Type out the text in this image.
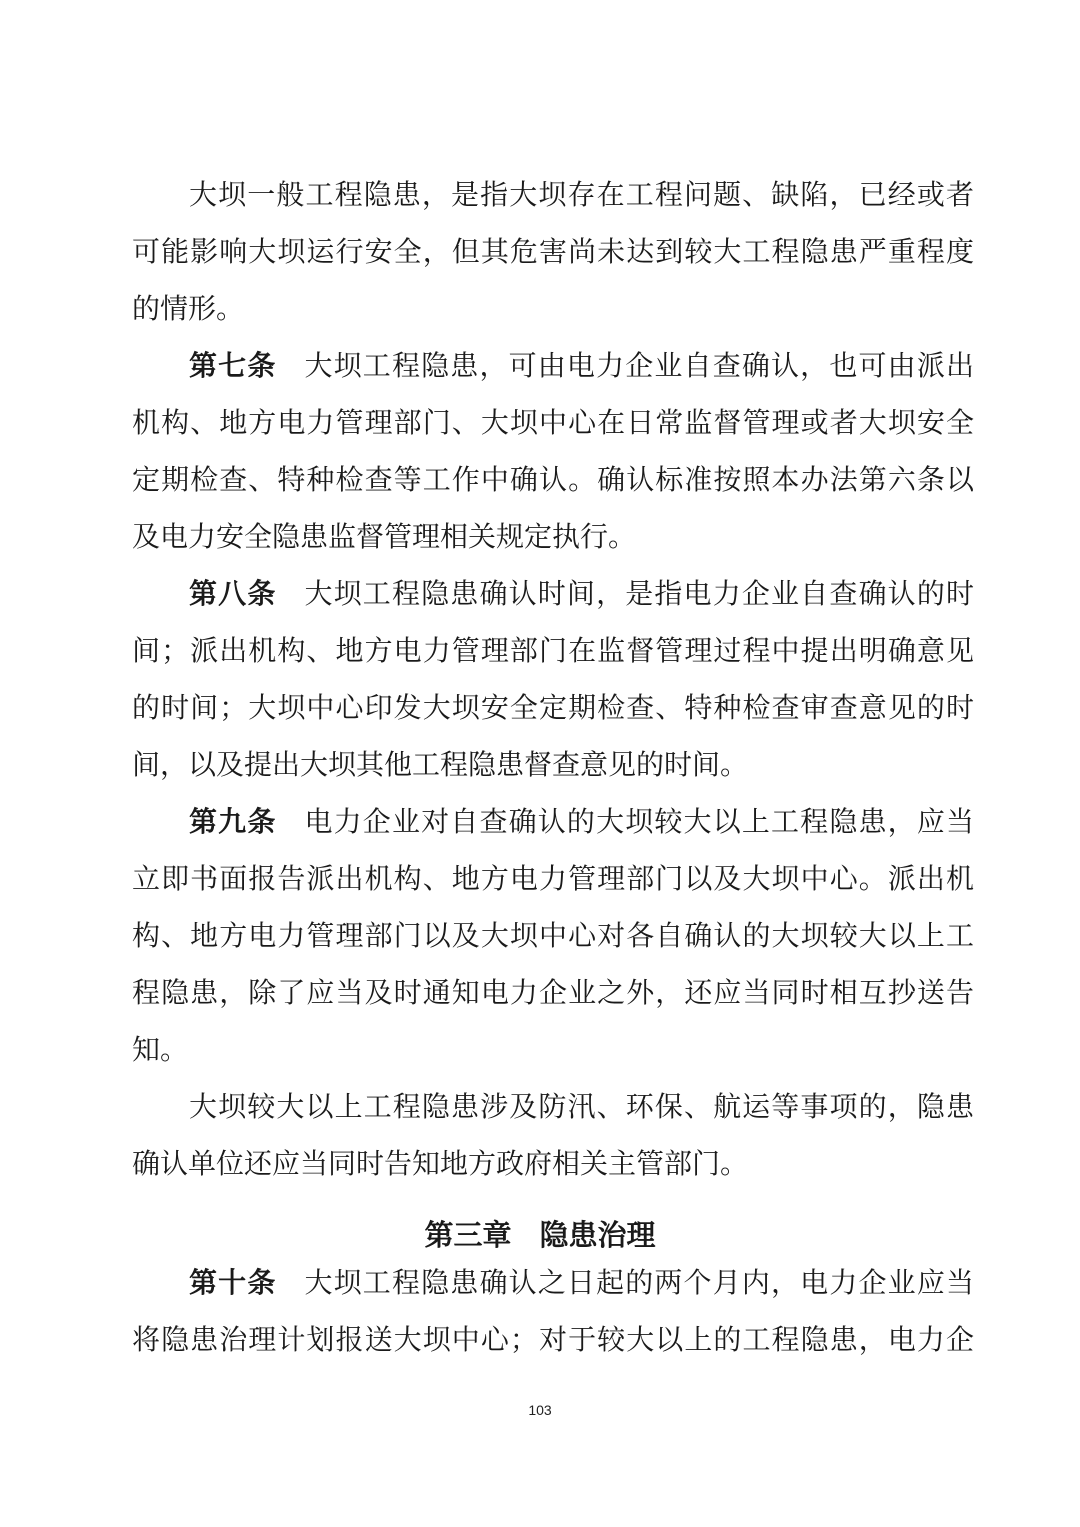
大坝一般工程隐患，是指大坝存在工程问题、缺陷，已经或者
可能影响大坝运行安全，但其危害尚未达到较大工程隐患严重程度
的情形。
第七条 大坝工程隐患，可由电力企业自查确认，也可由派出
机构、地方电力管理部门、大坝中心在日常监督管理或者大坝安全
定期检查、特种检查等工作中确认。确认标准按照本办法第六条以
及电力安全隐患监督管理相关规定执行。
第八条 大坝工程隐患确认时间，是指电力企业自查确认的时
间；派出机构、地方电力管理部门在监督管理过程中提出明确意见
的时间；大坝中心印发大坝安全定期检查、特种检查审查意见的时
间，以及提出大坝其他工程隐患督查意见的时间。
第九条 电力企业对自查确认的大坝较大以上工程隐患，应当
立即书面报告派出机构、地方电力管理部门以及大坝中心。派出机
构、地方电力管理部门以及大坝中心对各自确认的大坝较大以上工
程隐患，除了应当及时通知电力企业之外，还应当同时相互抄送告
知。
大坝较大以上工程隐患涉及防汛、环保、航运等事项的，隐患
确认单位还应当同时告知地方政府相关主管部门。
第三章 隐患治理
第十条 大坝工程隐患确认之日起的两个月内，电力企业应当
将隐患治理计划报送大坝中心；对于较大以上的工程隐患，电力企
103
